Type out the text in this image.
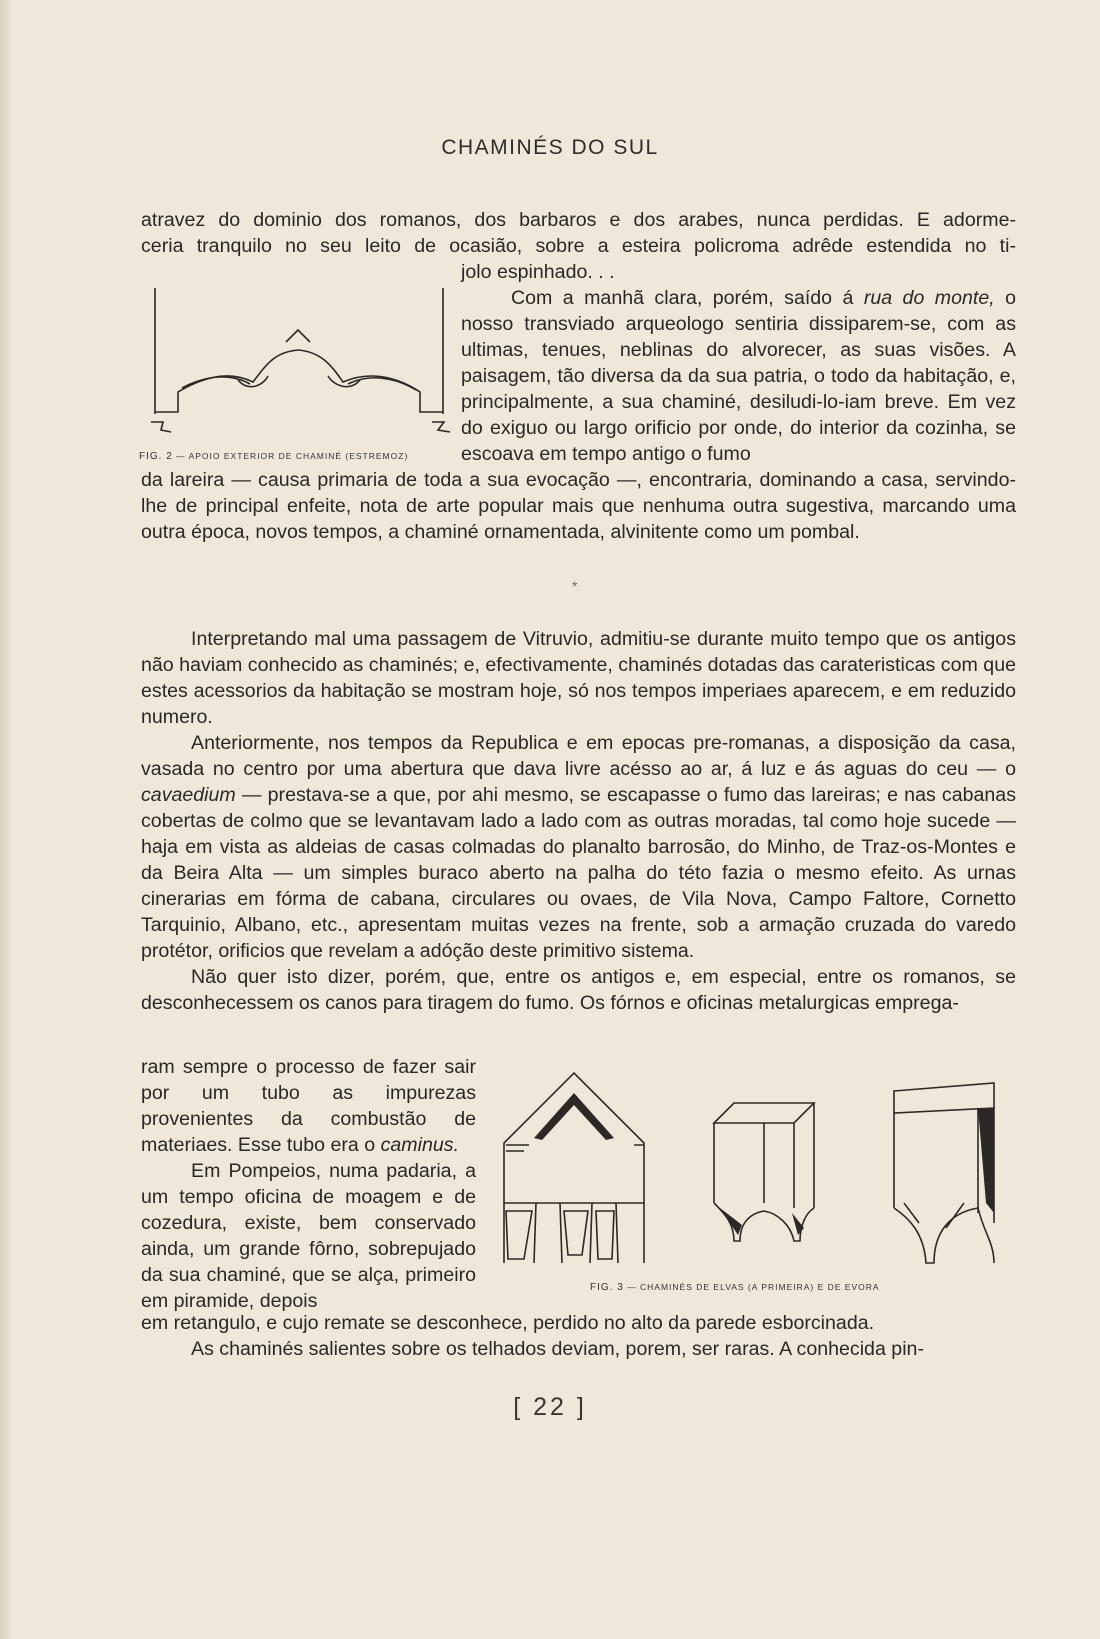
CHAMINÉS DO SUL

atravez do dominio dos romanos, dos barbaros e dos arabes, nunca perdidas. E adorme-

ceria tranquilo no seu leito de ocasião, sobre a esteira policroma adrêde estendida no ti-

FIG. 2 — APOIO EXTERIOR DE CHAMINÉ (ESTREMOZ)

jolo espinhado. . .

Com a manhã clara, porém, saído á rua do monte, o nosso transviado arqueologo sentiria dissiparem-se, com as ultimas, tenues, neblinas do alvorecer, as suas visões. A paisagem, tão diversa da da sua patria, o todo da habitação, e, principalmente, a sua chaminé, desiludi-lo-iam breve. Em vez do exiguo ou largo orificio por onde, do interior da cozinha, se escoava em tempo antigo o fumo

da lareira — causa primaria de toda a sua evocação —, encontraria, dominando a casa, servindo-lhe de principal enfeite, nota de arte popular mais que nenhuma outra sugestiva, marcando uma outra época, novos tempos, a chaminé ornamentada, alvinitente como um pombal.

*

Interpretando mal uma passagem de Vitruvio, admitiu-se durante muito tempo que os antigos não haviam conhecido as chaminés; e, efectivamente, chaminés dotadas das carateristicas com que estes acessorios da habitação se mostram hoje, só nos tempos imperiaes aparecem, e em reduzido numero.

Anteriormente, nos tempos da Republica e em epocas pre-romanas, a disposição da casa, vasada no centro por uma abertura que dava livre acésso ao ar, á luz e ás aguas do ceu — o cavaedium — prestava-se a que, por ahi mesmo, se escapasse o fumo das lareiras; e nas cabanas cobertas de colmo que se levantavam lado a lado com as outras moradas, tal como hoje sucede — haja em vista as aldeias de casas colmadas do planalto barrosão, do Minho, de Traz-os-Montes e da Beira Alta — um simples buraco aberto na palha do této fazia o mesmo efeito. As urnas cinerarias em fórma de cabana, circulares ou ovaes, de Vila Nova, Campo Faltore, Cornetto Tarquinio, Albano, etc., apresentam muitas vezes na frente, sob a armação cruzada do varedo protétor, orificios que revelam a adóção deste primitivo sistema.

Não quer isto dizer, porém, que, entre os antigos e, em especial, entre os romanos, se desconhecessem os canos para tiragem do fumo. Os fórnos e oficinas metalurgicas emprega-

ram sempre o processo de fazer sair por um tubo as impurezas provenientes da combustão de materiaes. Esse tubo era o caminus.

Em Pompeios, numa padaria, a um tempo oficina de moagem e de cozedura, existe, bem conservado ainda, um grande fôrno, sobrepujado da sua chaminé, que se alça, primeiro em piramide, depois

FIG. 3 — CHAMINÉS DE ELVAS (A PRIMEIRA) E DE EVORA

em retangulo, e cujo remate se desconhece, perdido no alto da parede esborcinada.

As chaminés salientes sobre os telhados deviam, porem, ser raras. A conhecida pin-

[ 22 ]
